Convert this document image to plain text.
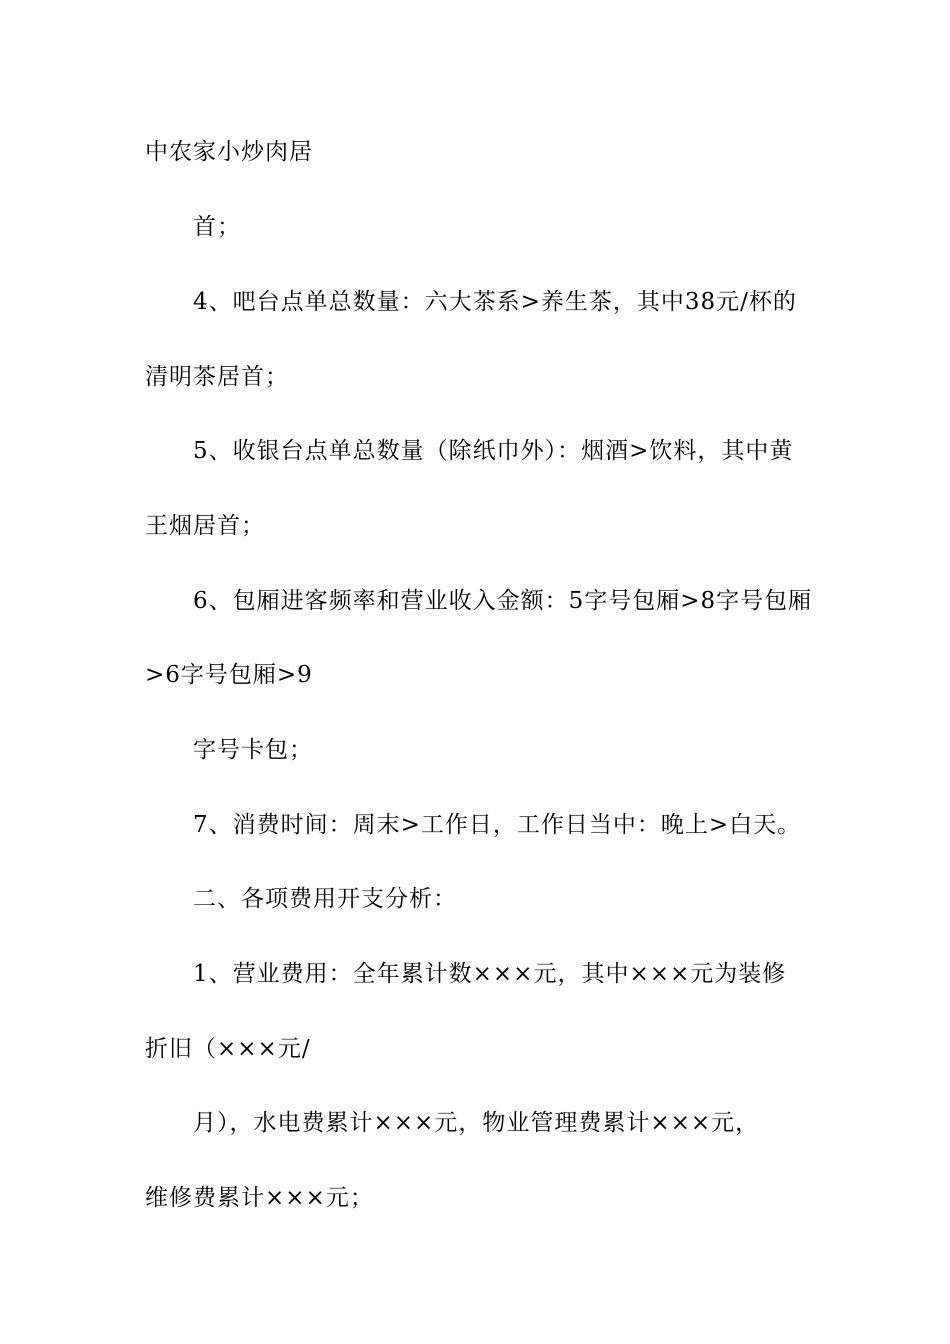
中农家小炒肉居
首；
4、吧台点单总数量：六大茶系>养生茶，其中38元/杯的
清明茶居首；
5、收银台点单总数量（除纸巾外）：烟酒>饮料，其中黄
王烟居首；
6、包厢进客频率和营业收入金额：5字号包厢>8字号包厢
>6字号包厢>9
字号卡包；
7、消费时间：周末>工作日，工作日当中：晚上>白天。
二、各项费用开支分析：
1、营业费用：全年累计数×××元，其中×××元为装修
折旧（×××元/
月），水电费累计×××元，物业管理费累计×××元，
维修费累计×××元；
